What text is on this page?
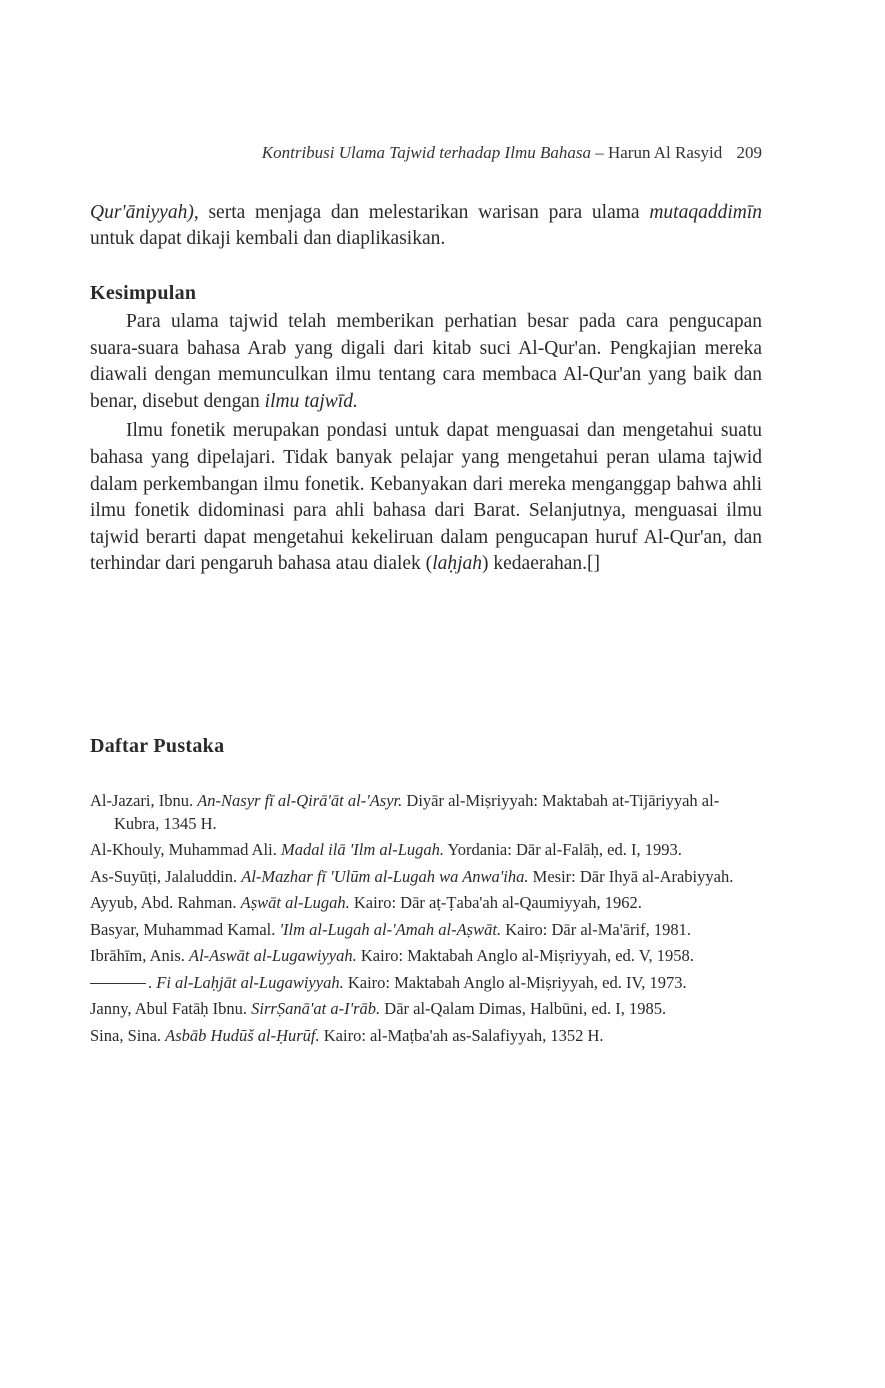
Kontribusi Ulama Tajwid terhadap Ilmu Bahasa – Harun Al Rasyid 209
Qur'āniyyah), serta menjaga dan melestarikan warisan para ulama mutaqaddimīn untuk dapat dikaji kembali dan diaplikasikan.
Kesimpulan

Para ulama tajwid telah memberikan perhatian besar pada cara pengucapan suara-suara bahasa Arab yang digali dari kitab suci Al-Qur'an. Pengkajian mereka diawali dengan memunculkan ilmu tentang cara membaca Al-Qur'an yang baik dan benar, disebut dengan ilmu tajwīd.

Ilmu fonetik merupakan pondasi untuk dapat menguasai dan mengetahui suatu bahasa yang dipelajari. Tidak banyak pelajar yang mengetahui peran ulama tajwid dalam perkembangan ilmu fonetik. Kebanyakan dari mereka menganggap bahwa ahli ilmu fonetik didominasi para ahli bahasa dari Barat. Selanjutnya, menguasai ilmu tajwid berarti dapat mengetahui kekeliruan dalam pengucapan huruf Al-Qur'an, dan terhindar dari pengaruh bahasa atau dialek (laḥjah) kedaerahan.[]

Daftar Pustaka
Al-Jazari, Ibnu. An-Nasyr fī al-Qirā'āt al-'Asyr. Diyār al-Miṣriyyah: Maktabah at-Tijāriyyah al-Kubra, 1345 H.
Al-Khouly, Muhammad Ali. Madal ilā 'Ilm al-Lugah. Yordania: Dār al-Falāḥ, ed. I, 1993.
As-Suyūṭi, Jalaluddin. Al-Mazhar fī 'Ulūm al-Lugah wa Anwa'iha. Mesir: Dār Ihyā al-Arabiyyah.
Ayyub, Abd. Rahman. Aṣwāt al-Lugah. Kairo: Dār aṭ-Ṭaba'ah al-Qaumiyyah, 1962.
Basyar, Muhammad Kamal. 'Ilm al-Lugah al-'Amah al-Aṣwāt. Kairo: Dār al-Ma'ārif, 1981.
Ibrāhīm, Anis. Al-Aswāt al-Lugawiyyah. Kairo: Maktabah Anglo al-Miṣriyyah, ed. V, 1958.
. Fi al-Laḥjāt al-Lugawiyyah. Kairo: Maktabah Anglo al-Miṣriyyah, ed. IV, 1973.
Janny, Abul Fatāḥ Ibnu. SirrṢanā'at a-I'rāb. Dār al-Qalam Dimas, Halbūni, ed. I, 1985.
Sina, Sina. Asbāb Hudūš al-Ḥurūf. Kairo: al-Maṭba'ah as-Salafiyyah, 1352 H.
